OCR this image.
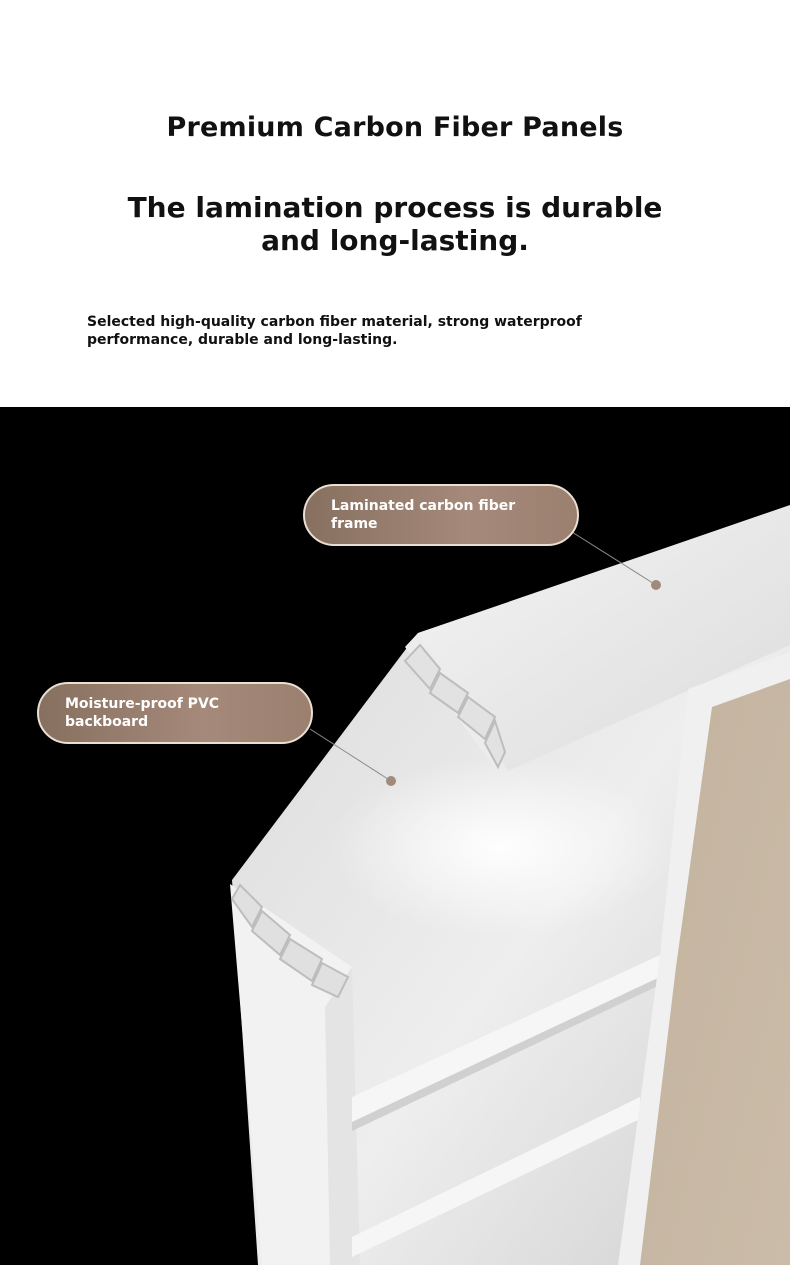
Premium Carbon Fiber Panels
The lamination process is durable and long-lasting.
Selected high-quality carbon fiber material, strong waterproof performance, durable and long-lasting.
Laminated carbon fiber frame
Moisture-proof PVC backboard
